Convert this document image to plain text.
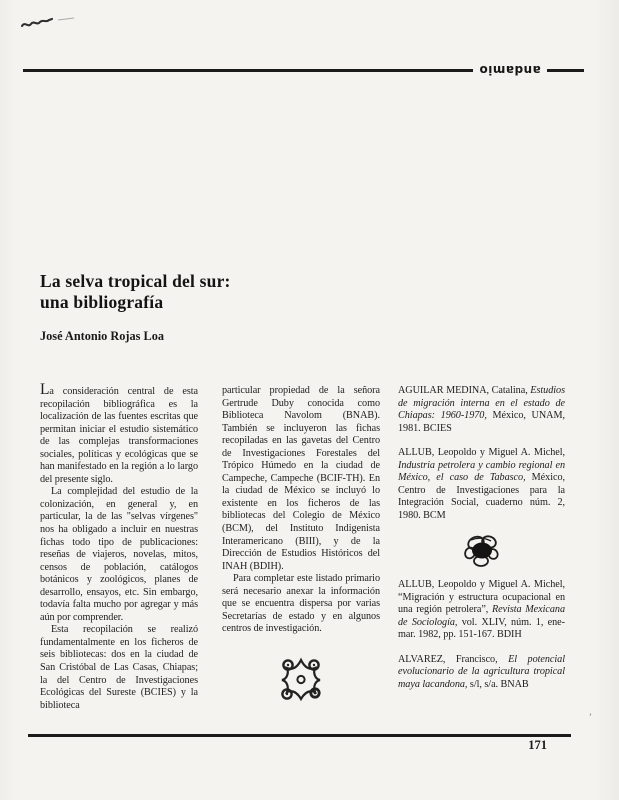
andamio
La selva tropical del sur:
una bibliografía
José Antonio Rojas Loa

La consideración central de esta recopilación bibliográfica es la localización de las fuentes escritas que permitan iniciar el estudio sistemático de las complejas transformaciones sociales, políticas y ecológicas que se han manifestado en la región a lo largo del presente siglo.

La complejidad del estudio de la colonización, en general y, en particular, la de las "selvas vírgenes" nos ha obligado a incluir en nuestras fichas todo tipo de publicaciones: reseñas de viajeros, novelas, mitos, censos de población, catálogos botánicos y zoológicos, planes de desarrollo, ensayos, etc. Sin embargo, todavía falta mucho por agregar y más aún por comprender.

Esta recopilación se realizó fundamentalmente en los ficheros de seis bibliotecas: dos en la ciudad de San Cristóbal de Las Casas, Chiapas; la del Centro de Investigaciones Ecológicas del Sureste (BCIES) y la biblioteca

particular propiedad de la señora Gertrude Duby conocida como Biblioteca Navolom (BNAB). También se incluyeron las fichas recopiladas en las gavetas del Centro de Investigaciones Forestales del Trópico Húmedo en la ciudad de Campeche, Campeche (BCIF-TH). En la ciudad de México se incluyó lo existente en los ficheros de las bibliotecas del Colegio de México (BCM), del Instituto Indigenista Interamericano (BIII), y de la Dirección de Estudios Históricos del INAH (BDIH).

Para completar este listado primario será necesario anexar la información que se encuentra dispersa por varias Secretarías de estado y en algunos centros de investigación.

AGUILAR MEDINA, Catalina, Estudios de migración interna en el estado de Chiapas: 1960-1970, México, UNAM, 1981. BCIES

ALLUB, Leopoldo y Miguel A. Michel, Industria petrolera y cambio regional en México, el caso de Tabasco, México, Centro de Investigaciones para la Integración Social, cuaderno núm. 2, 1980. BCM

ALLUB, Leopoldo y Miguel A. Michel, “Migración y estructura ocupacional en una región petrolera”, Revista Mexicana de Sociología, vol. XLIV, núm. 1, ene-mar. 1982, pp. 151-167. BDIH

ALVAREZ, Francisco, El potencial evolucionario de la agricultura tropical maya lacandona, s/l, s/a. BNAB

171
’
